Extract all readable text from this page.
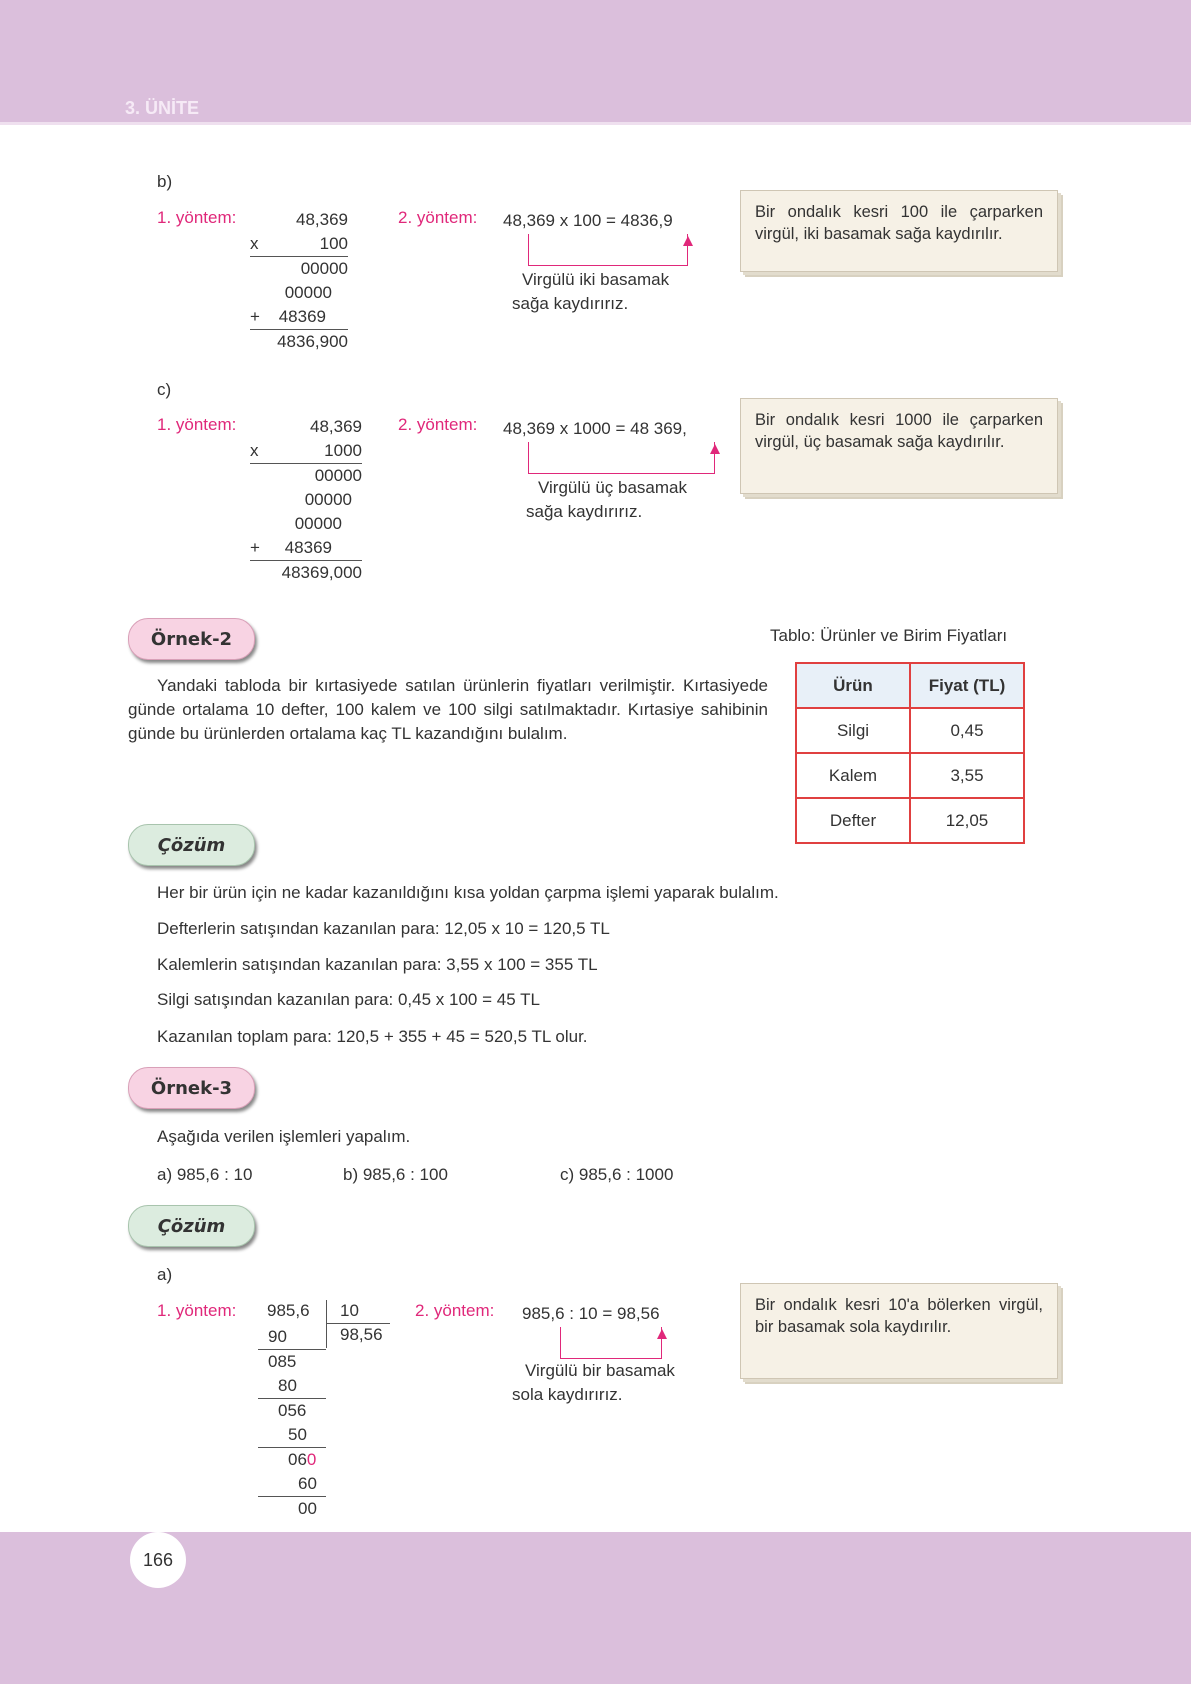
3. ÜNİTE
b)
1. yöntem:	48,369
x	100
00000
00000
+ 48369
4836,900
2. yöntem: 48,369 x 100 = 4836,9
Virgülü iki basamak
sağa kaydırırız.
Bir ondalık kesri 100 ile çarparken virgül, iki basamak sağa kaydırılır.
c)
1. yöntem:	48,369
x	1000
00000
00000
00000
+ 48369
48369,000
2. yöntem: 48,369 x 1000 = 48 369,
Virgülü üç basamak
sağa kaydırırız.
Bir ondalık kesri 1000 ile çarparken virgül, üç basamak sağa kaydırılır.
Örnek-2	Tablo: Ürünler ve Birim Fiyatları
Yandaki tabloda bir kırtasiyede satılan ürünlerin fiyatları verilmiştir. Kırtasiyede günde ortalama 10 defter, 100 kalem ve 100 silgi satılmaktadır. Kırtasiye sahibinin günde bu ürünlerden ortalama kaç TL kazandığını bulalım.
Ürün	Fiyat (TL)
Silgi	0,45
Kalem	3,55
Defter	12,05
Çözüm
Her bir ürün için ne kadar kazanıldığını kısa yoldan çarpma işlemi yaparak bulalım.
Defterlerin satışından kazanılan para: 12,05 x 10 = 120,5 TL
Kalemlerin satışından kazanılan para: 3,55 x 100 = 355 TL
Silgi satışından kazanılan para: 0,45 x 100 = 45 TL
Kazanılan toplam para: 120,5 + 355 + 45 = 520,5 TL olur.
Örnek-3
Aşağıda verilen işlemleri yapalım.
a) 985,6 : 10	b) 985,6 : 100	c) 985,6 : 1000
Çözüm
a)
1. yöntem: 985,6 10
98,56
90
085
80
056
50
060
60
00
2. yöntem: 985,6 : 10 = 98,56
Virgülü bir basamak
sola kaydırırız.
Bir ondalık kesri 10'a bölerken virgül, bir basamak sola kaydırılır.
166
